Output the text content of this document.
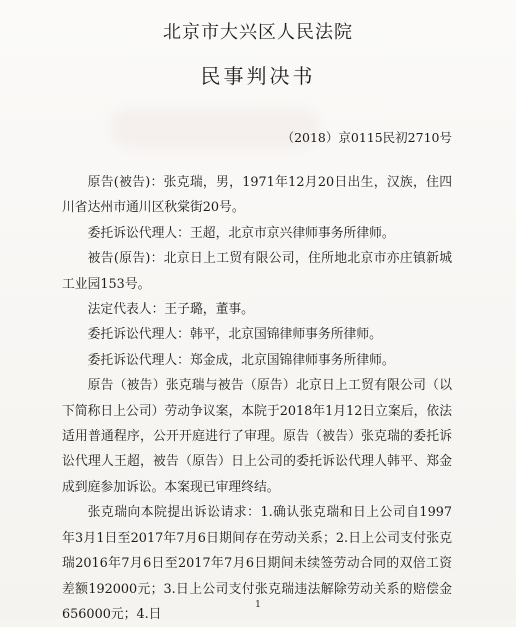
北京市大兴区人民法院
民事判决书
（2018）京0115民初2710号

原告(被告)：张克瑞，男，1971年12月20日出生，汉族，住四川省达州市通川区秋棠街20号。

委托诉讼代理人：王超，北京市京兴律师事务所律师。

被告(原告)：北京日上工贸有限公司，住所地北京市亦庄镇新城工业园153号。

法定代表人：王子璐，董事。

委托诉讼代理人：韩平，北京国锦律师事务所律师。

委托诉讼代理人：郑金成，北京国锦律师事务所律师。

原告（被告）张克瑞与被告（原告）北京日上工贸有限公司（以下简称日上公司）劳动争议案，本院于2018年1月12日立案后，依法适用普通程序，公开开庭进行了审理。原告（被告）张克瑞的委托诉讼代理人王超，被告（原告）日上公司的委托诉讼代理人韩平、郑金成到庭参加诉讼。本案现已审理终结。

张克瑞向本院提出诉讼请求：1.确认张克瑞和日上公司自1997年3月1日至2017年7月6日期间存在劳动关系；2.日上公司支付张克瑞2016年7月6日至2017年7月6日期间未续签劳动合同的双倍工资差额192000元；3.日上公司支付张克瑞违法解除劳动关系的赔偿金656000元；4.日

1
